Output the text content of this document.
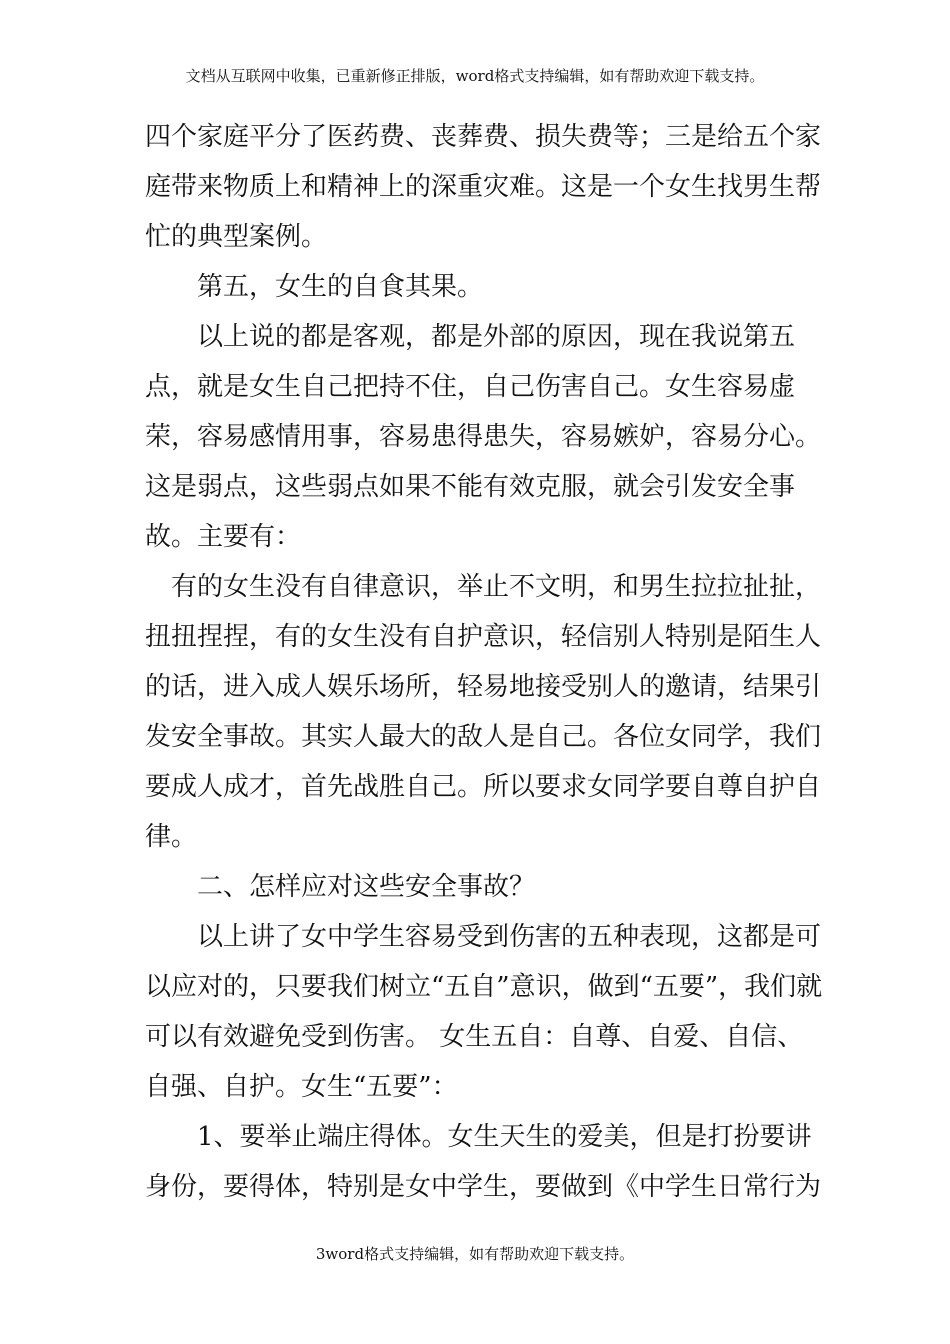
文档从互联网中收集，已重新修正排版，word格式支持编辑，如有帮助欢迎下载支持。

四个家庭平分了医药费、丧葬费、损失费等；三是给五个家庭带来物质上和精神上的深重灾难。这是一个女生找男生帮忙的典型案例。

第五，女生的自食其果。

以上说的都是客观，都是外部的原因，现在我说第五点，就是女生自己把持不住，自己伤害自己。女生容易虚荣，容易感情用事，容易患得患失，容易嫉妒，容易分心。这是弱点，这些弱点如果不能有效克服，就会引发安全事故。主要有：

有的女生没有自律意识，举止不文明，和男生拉拉扯扯，扭扭捏捏，有的女生没有自护意识，轻信别人特别是陌生人的话，进入成人娱乐场所，轻易地接受别人的邀请，结果引发安全事故。其实人最大的敌人是自己。各位女同学，我们要成人成才，首先战胜自己。所以要求女同学要自尊自护自律。

二、怎样应对这些安全事故？

以上讲了女中学生容易受到伤害的五种表现，这都是可以应对的，只要我们树立“五自”意识，做到“五要”，我们就可以有效避免受到伤害。 女生五自：自尊、自爱、自信、自强、自护。女生“五要”：

1、要举止端庄得体。女生天生的爱美，但是打扮要讲身份，要得体，特别是女中学生，要做到《中学生日常行为

3word格式支持编辑，如有帮助欢迎下载支持。
